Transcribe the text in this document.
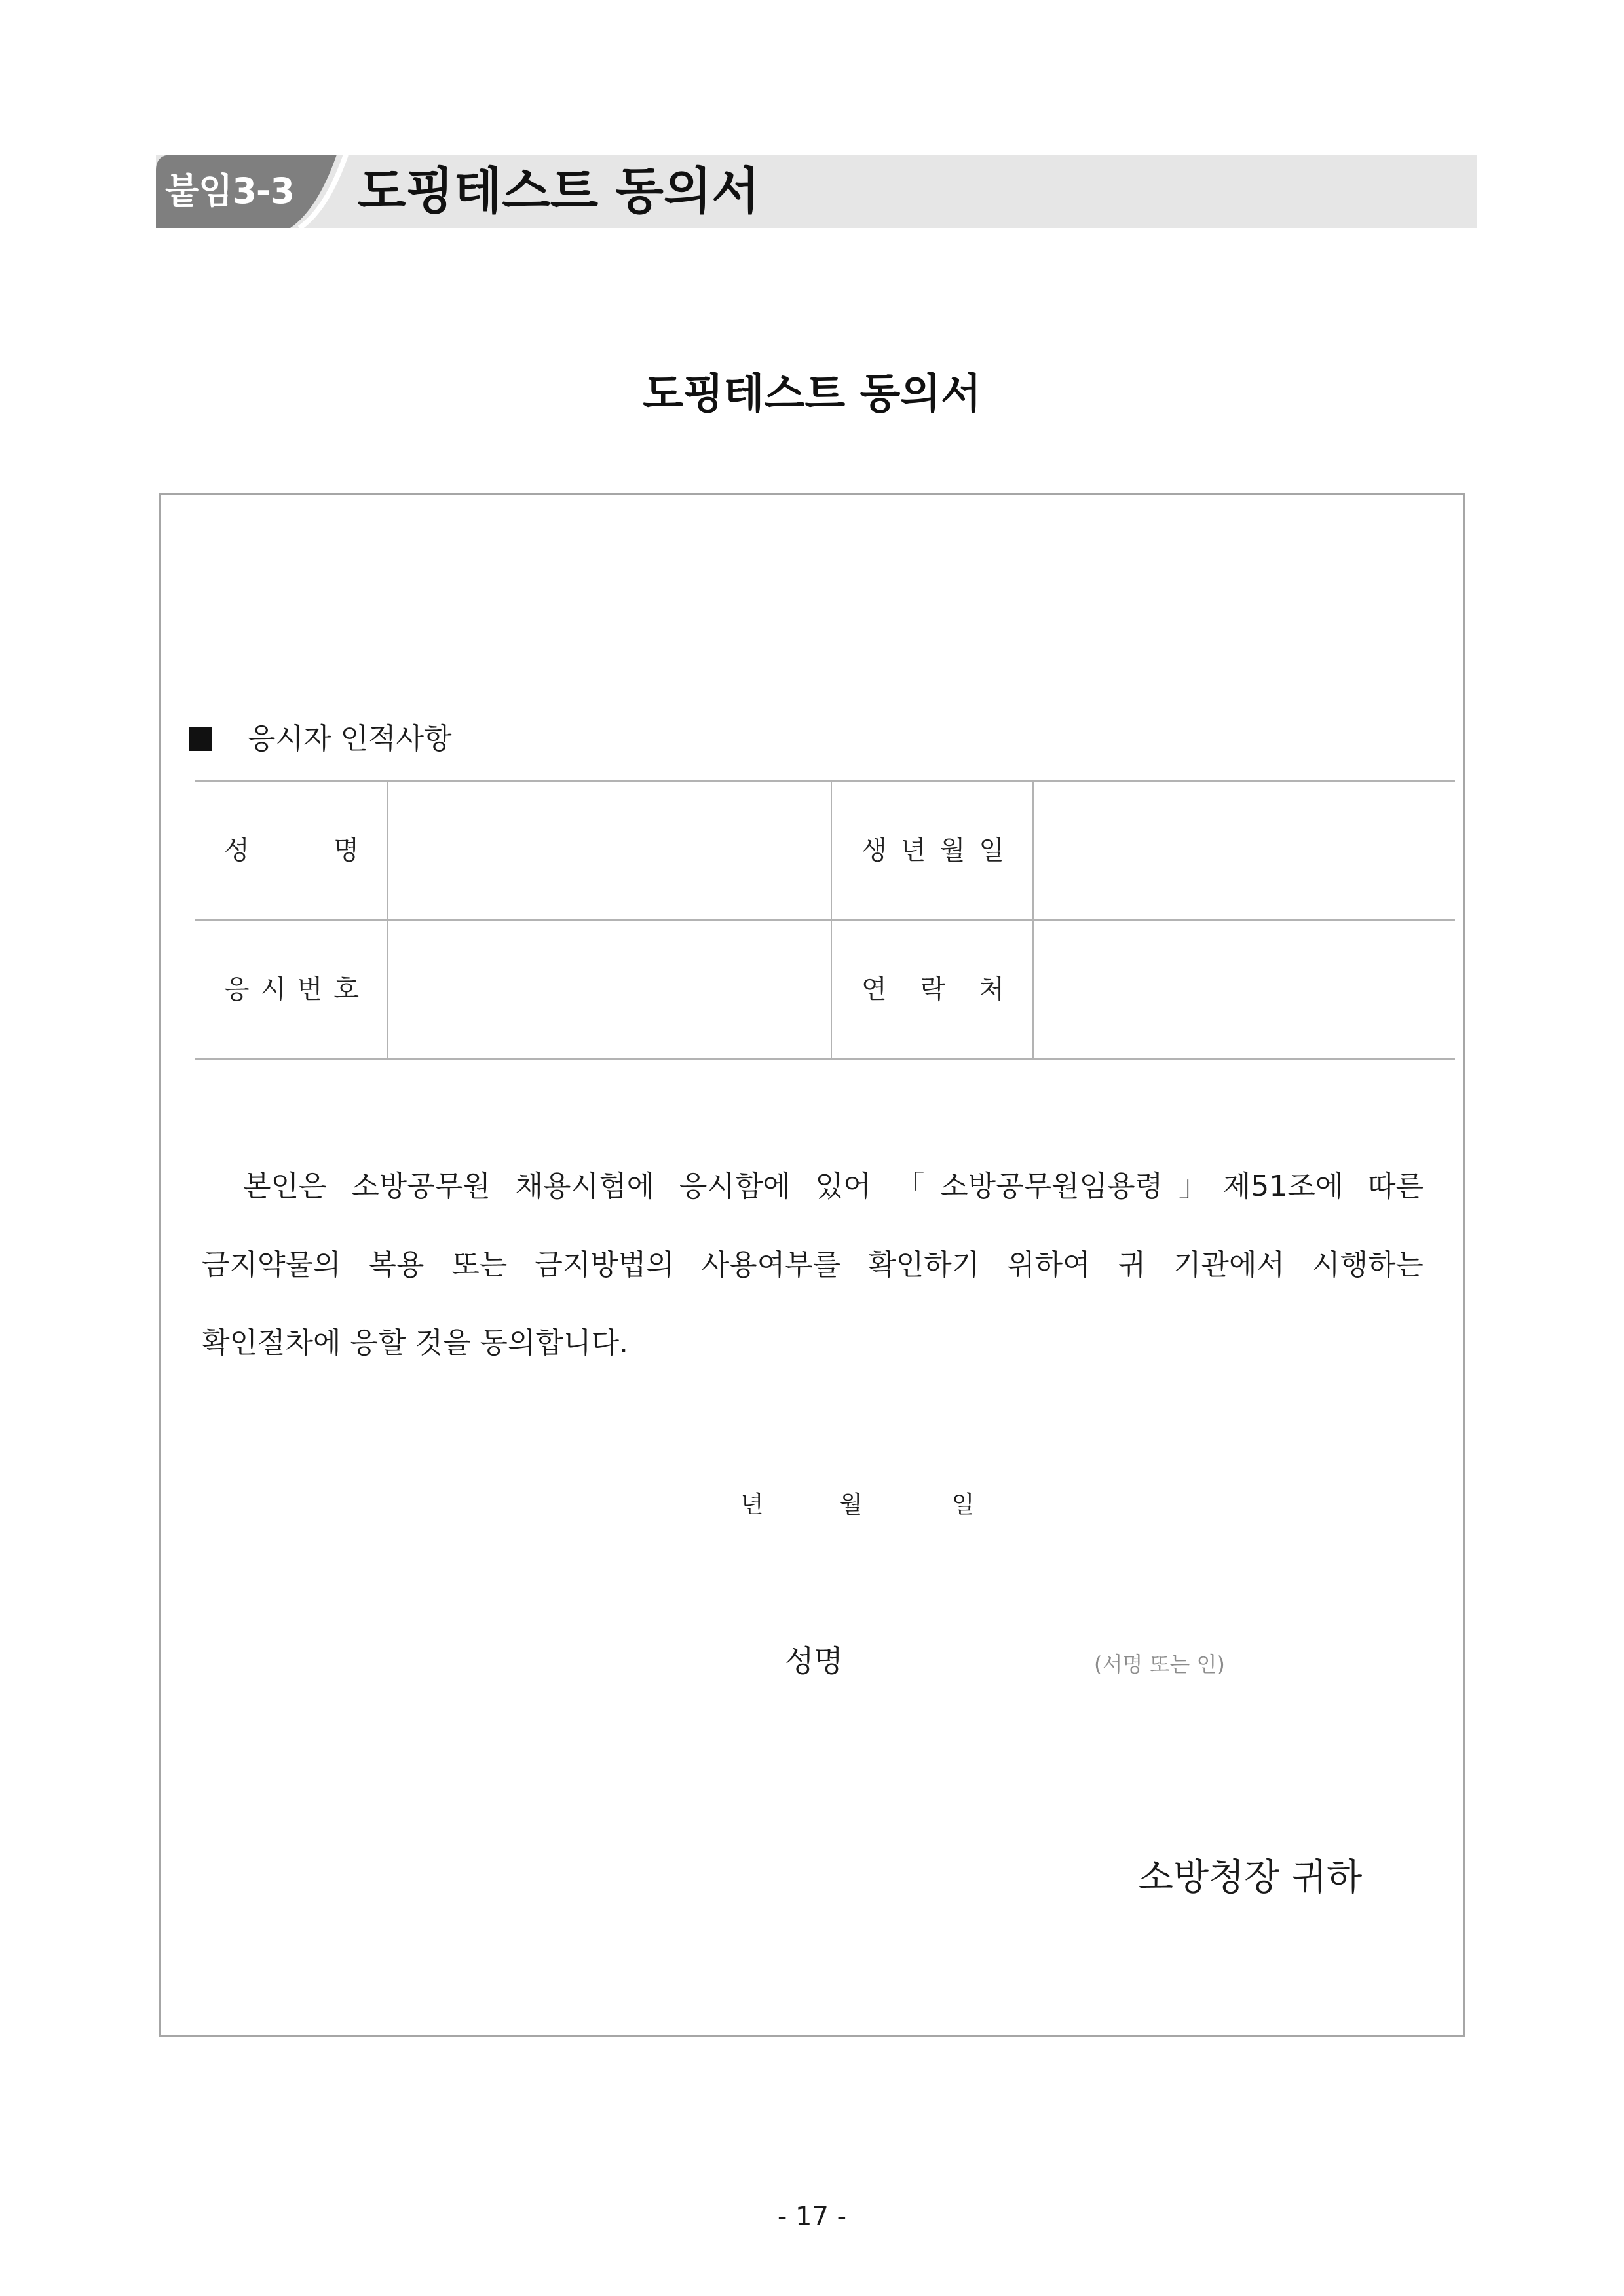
붙임3-3 도핑테스트 동의서
도핑테스트 동의서
응시자 인적사항
성 명	생 년 월 일
응 시 번 호	연 락 처
본인은 소방공무원 채용시험에 응시함에 있어 「소방공무원임용령」제51조에 따른
금지약물의 복용 또는 금지방법의 사용여부를 확인하기 위하여 귀 기관에서 시행하는
확인절차에 응할 것을 동의합니다.
년	월	일
성명	(서명 또는 인)
소방청장 귀하
- 17 -
